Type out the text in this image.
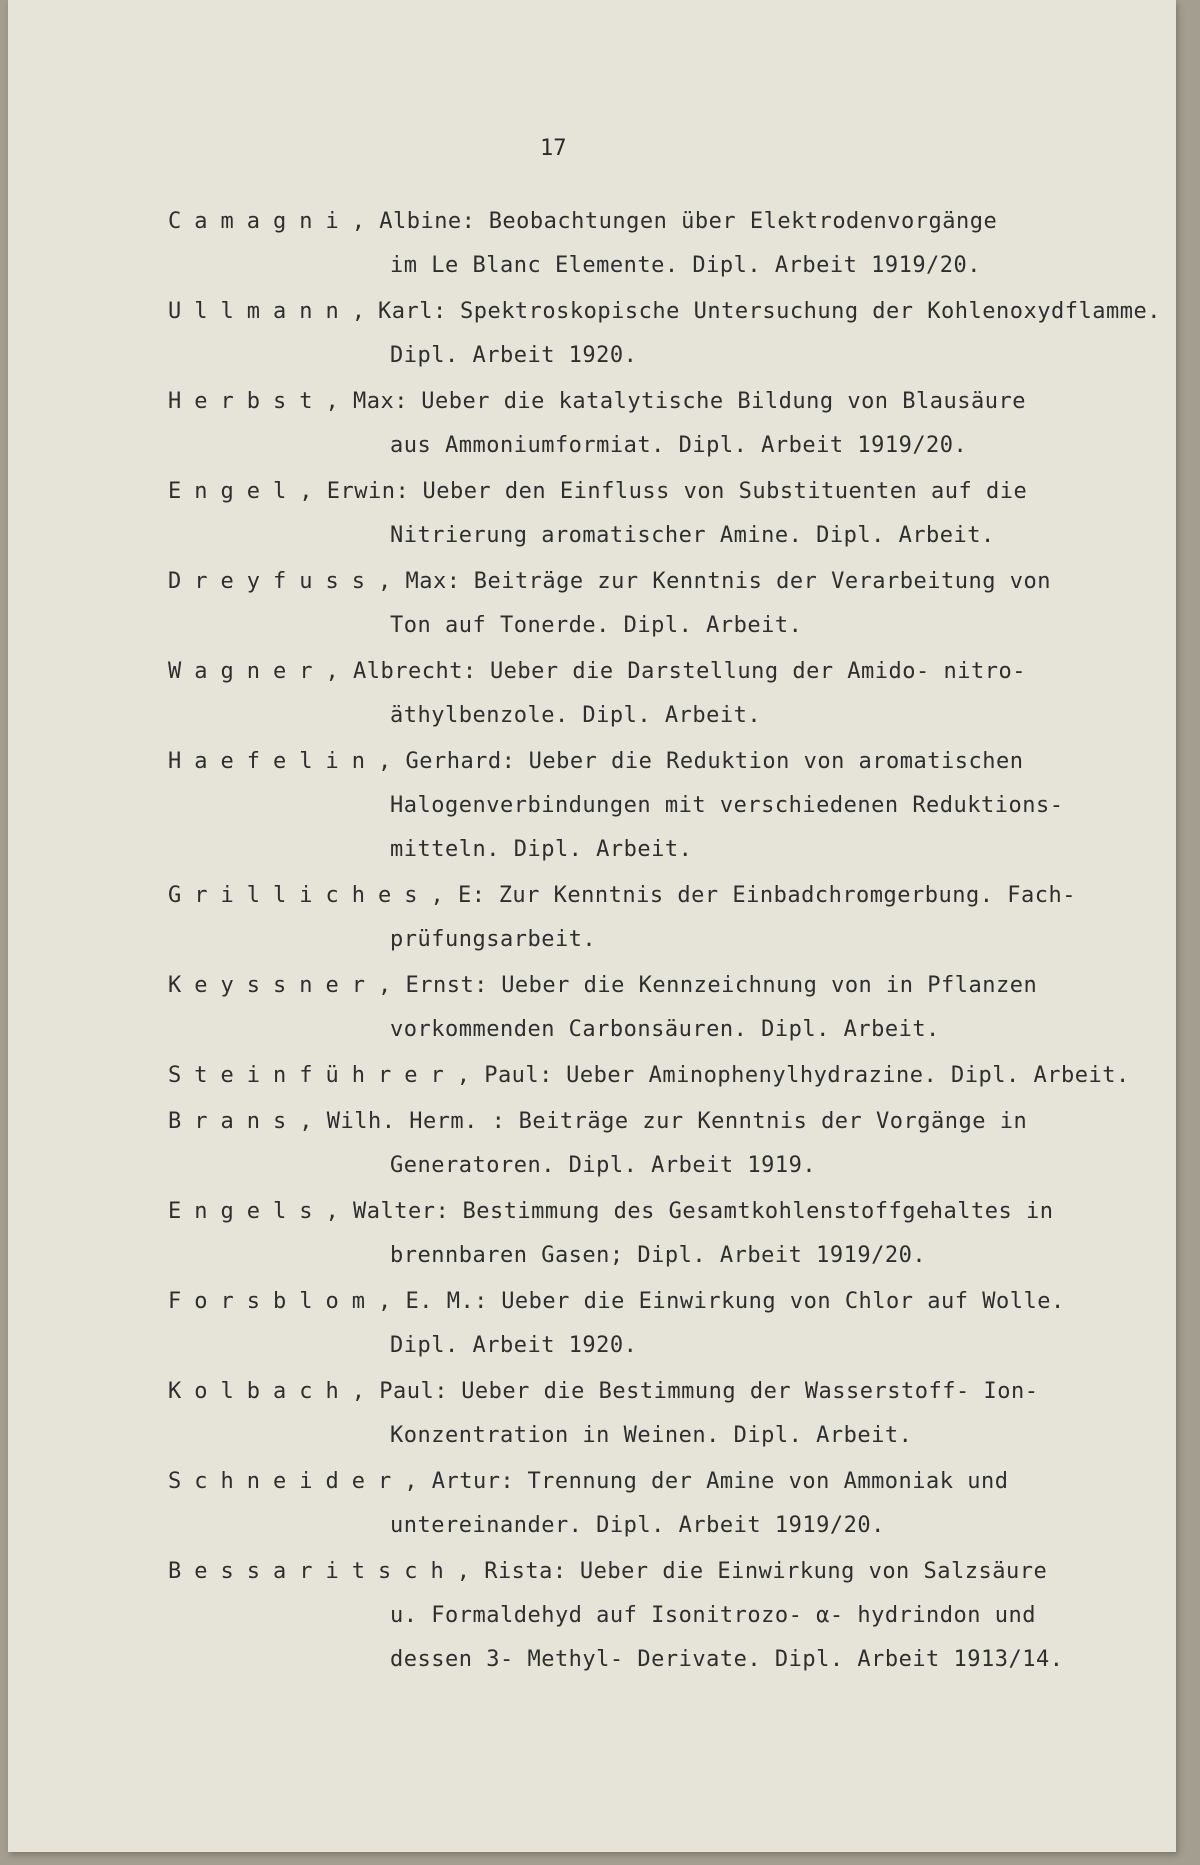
17
Camagni, Albine: Beobachtungen über Elektrodenvorgänge
im Le Blanc Elemente. Dipl. Arbeit 1919/20.
Ullmann,Karl: Spektroskopische Untersuchung der Kohlenoxydflamme.
Dipl. Arbeit 1920.
Herbst, Max: Ueber die katalytische Bildung von Blausäure
aus Ammoniumformiat. Dipl. Arbeit 1919/20.
Engel, Erwin: Ueber den Einfluss von Substituenten auf die
Nitrierung aromatischer Amine. Dipl. Arbeit.
Dreyfuss, Max: Beiträge zur Kenntnis der Verarbeitung von
Ton auf Tonerde. Dipl. Arbeit.
Wagner, Albrecht: Ueber die Darstellung der Amido- nitro-
äthylbenzole. Dipl. Arbeit.
Haefelin, Gerhard: Ueber die Reduktion von aromatischen
Halogenverbindungen mit verschiedenen Reduktions-
mitteln. Dipl. Arbeit.
Grilliches, E: Zur Kenntnis der Einbadchromgerbung. Fach-
prüfungsarbeit.
Keyssner, Ernst: Ueber die Kennzeichnung von in Pflanzen
vorkommenden Carbonsäuren. Dipl. Arbeit.
Steinführer, Paul: Ueber Aminophenylhydrazine. Dipl. Arbeit.
Brans, Wilh. Herm. : Beiträge zur Kenntnis der Vorgänge in
Generatoren. Dipl. Arbeit 1919.
Engels, Walter: Bestimmung des Gesamtkohlenstoffgehaltes in
brennbaren Gasen; Dipl. Arbeit 1919/20.
Forsblom, E. M.: Ueber die Einwirkung von Chlor auf Wolle.
Dipl. Arbeit 1920.
Kolbach, Paul: Ueber die Bestimmung der Wasserstoff- Ion-
Konzentration in Weinen. Dipl. Arbeit.
Schneider, Artur: Trennung der Amine von Ammoniak und
untereinander. Dipl. Arbeit 1919/20.
Bessaritsch, Rista: Ueber die Einwirkung von Salzsäure
u. Formaldehyd auf Isonitrozo- α- hydrindon und
dessen 3- Methyl- Derivate. Dipl. Arbeit 1913/14.
